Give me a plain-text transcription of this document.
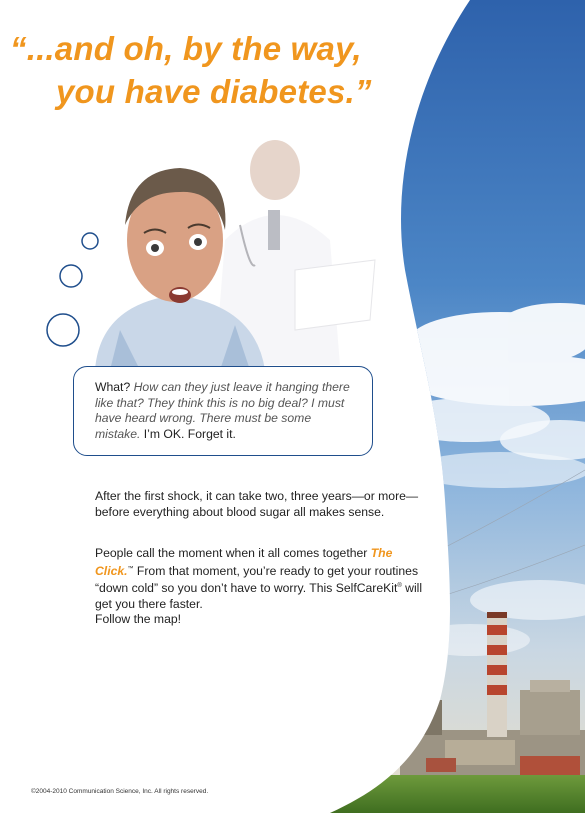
“...and oh, by the way,
you have diabetes.”
What? How can they just leave it hanging there like that? They think this is no big deal? I must have heard wrong. There must be some mistake. I’m OK. Forget it.
After the first shock, it can take two, three years—or more—before everything about blood sugar all makes sense.
People call the moment when it all comes together The Click.™ From that moment, you’re ready to get your routines “down cold” so you don’t have to worry. This SelfCareKit® will get you there faster.
Follow the map!
©2004-2010 Communication Science, Inc. All rights reserved.
